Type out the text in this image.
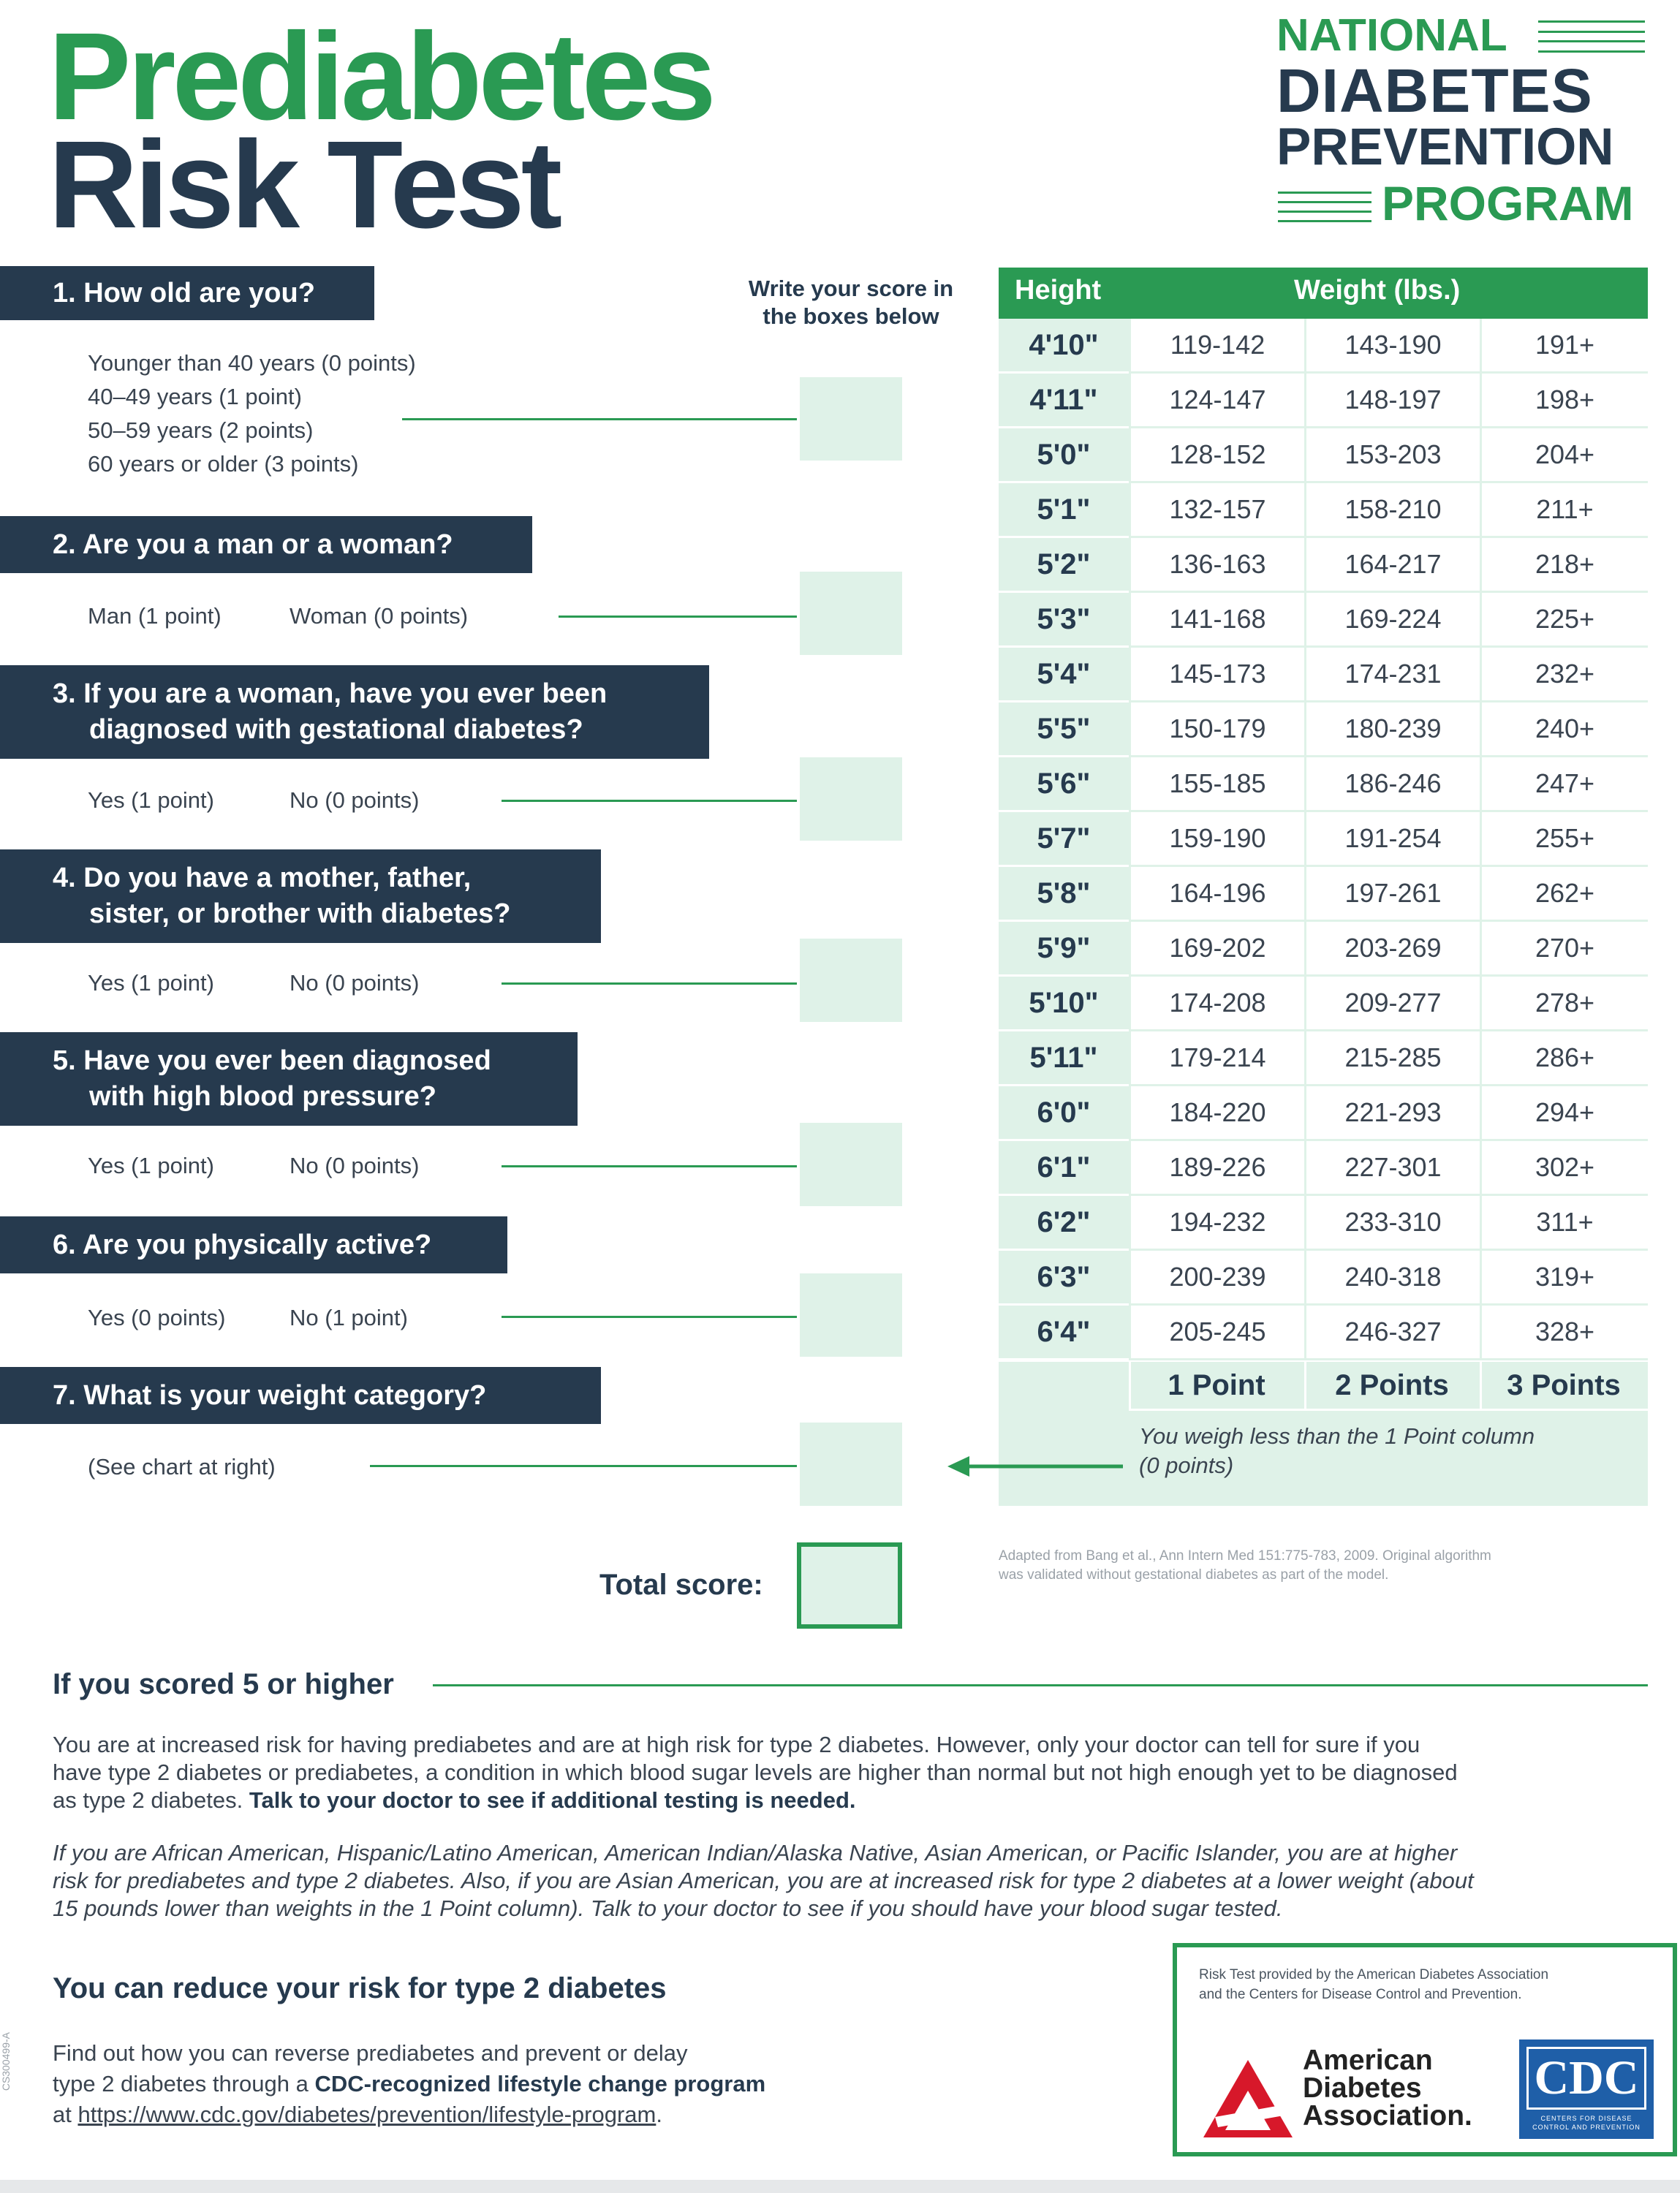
Prediabetes
Risk Test
NATIONAL
DIABETES
PREVENTION
PROGRAM
Write your score in
the boxes below
1. How old are you?
Younger than 40 years (0 points)
40–49 years (1 point)
50–59 years (2 points)
60 years or older (3 points)
2. Are you a man or a woman?
Man (1 point)	Woman (0 points)
3. If you are a woman, have you ever been
diagnosed with gestational diabetes?
Yes (1 point)	No (0 points)
4. Do you have a mother, father,
sister, or brother with diabetes?
Yes (1 point)	No (0 points)
5. Have you ever been diagnosed
with high blood pressure?
Yes (1 point)	No (0 points)
6. Are you physically active?
Yes (0 points)	No (1 point)
7. What is your weight category?
(See chart at right)
Height	Weight (lbs.)
4'10"	119-142	143-190	191+
4'11"	124-147	148-197	198+
5'0"	128-152	153-203	204+
5'1"	132-157	158-210	211+
5'2"	136-163	164-217	218+
5'3"	141-168	169-224	225+
5'4"	145-173	174-231	232+
5'5"	150-179	180-239	240+
5'6"	155-185	186-246	247+
5'7"	159-190	191-254	255+
5'8"	164-196	197-261	262+
5'9"	169-202	203-269	270+
5'10"	174-208	209-277	278+
5'11"	179-214	215-285	286+
6'0"	184-220	221-293	294+
6'1"	189-226	227-301	302+
6'2"	194-232	233-310	311+
6'3"	200-239	240-318	319+
6'4"	205-245	246-327	328+
1 Point	2 Points	3 Points
You weigh less than the 1 Point column
(0 points)
Adapted from Bang et al., Ann Intern Med 151:775-783, 2009. Original algorithm
was validated without gestational diabetes as part of the model.
Total score:
If you scored 5 or higher
You are at increased risk for having prediabetes and are at high risk for type 2 diabetes. However, only your doctor can tell for sure if you
have type 2 diabetes or prediabetes, a condition in which blood sugar levels are higher than normal but not high enough yet to be diagnosed
as type 2 diabetes. Talk to your doctor to see if additional testing is needed.
If you are African American, Hispanic/Latino American, American Indian/Alaska Native, Asian American, or Pacific Islander, you are at higher
risk for prediabetes and type 2 diabetes. Also, if you are Asian American, you are at increased risk for type 2 diabetes at a lower weight (about
15 pounds lower than weights in the 1 Point column). Talk to your doctor to see if you should have your blood sugar tested.
You can reduce your risk for type 2 diabetes
Find out how you can reverse prediabetes and prevent or delay
type 2 diabetes through a CDC-recognized lifestyle change program
at https://www.cdc.gov/diabetes/prevention/lifestyle-program.
Risk Test provided by the American Diabetes Association
and the Centers for Disease Control and Prevention.
American
Diabetes
Association.
CDC
CENTERS FOR DISEASE
CONTROL AND PREVENTION
CS300499-A
